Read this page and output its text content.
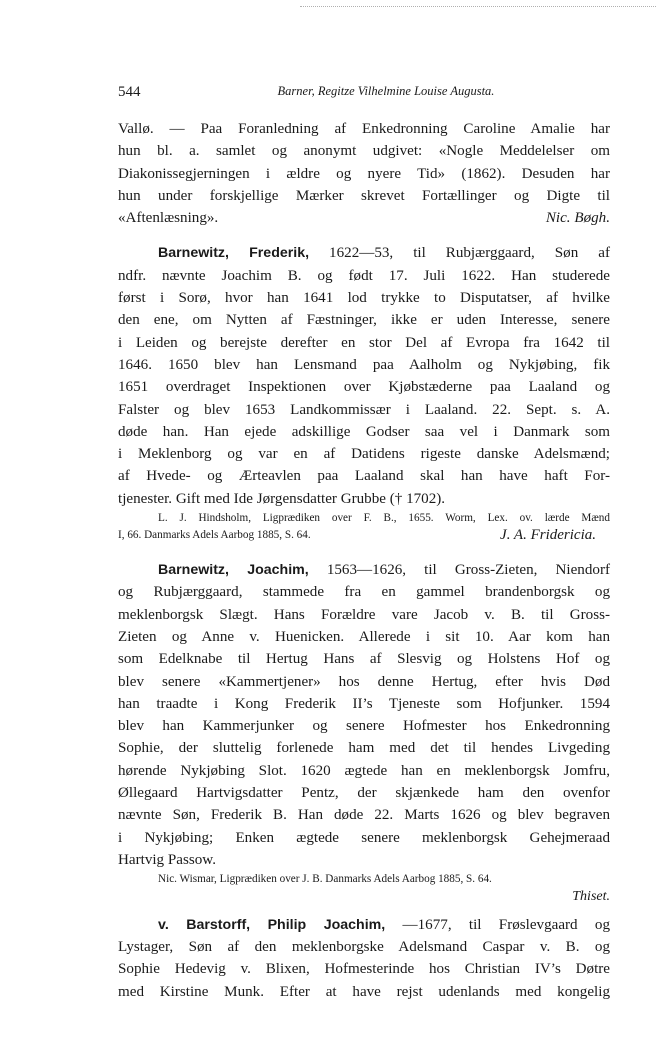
544	Barner, Regitze Vilhelmine Louise Augusta.

Vallø. — Paa Foranledning af Enkedronning Caroline Amalie har
hun bl. a. samlet og anonymt udgivet: «Nogle Meddelelser om
Diakonissegjerningen i ældre og nyere Tid» (1862). Desuden har
hun under forskjellige Mærker skrevet Fortællinger og Digte til
«Aftenlæsning».	Nic. Bøgh.

Barnewitz, Frederik, 1622—53, til Rubjærggaard, Søn af
ndfr. nævnte Joachim B. og født 17. Juli 1622. Han studerede
først i Sorø, hvor han 1641 lod trykke to Disputatser, af hvilke
den ene, om Nytten af Fæstninger, ikke er uden Interesse, senere
i Leiden og berejste derefter en stor Del af Evropa fra 1642 til
1646. 1650 blev han Lensmand paa Aalholm og Nykjøbing, fik
1651 overdraget Inspektionen over Kjøbstæderne paa Laaland og
Falster og blev 1653 Landkommissær i Laaland. 22. Sept. s. A.
døde han. Han ejede adskillige Godser saa vel i Danmark som
i Meklenborg og var en af Datidens rigeste danske Adelsmænd;
af Hvede- og Ærteavlen paa Laaland skal han have haft For-
tjenester. Gift med Ide Jørgensdatter Grubbe († 1702).

L. J. Hindsholm, Ligprædiken over F. B., 1655. Worm, Lex. ov. lærde Mænd
I, 66. Danmarks Adels Aarbog 1885, S. 64.	J. A. Fridericia.

Barnewitz, Joachim, 1563—1626, til Gross-Zieten, Niendorf
og Rubjærggaard, stammede fra en gammel brandenborgsk og
meklenborgsk Slægt. Hans Forældre vare Jacob v. B. til Gross-
Zieten og Anne v. Huenicken. Allerede i sit 10. Aar kom han
som Edelknabe til Hertug Hans af Slesvig og Holstens Hof og
blev senere «Kammertjener» hos denne Hertug, efter hvis Død
han traadte i Kong Frederik II’s Tjeneste som Hofjunker. 1594
blev han Kammerjunker og senere Hofmester hos Enkedronning
Sophie, der sluttelig forlenede ham med det til hendes Livgeding
hørende Nykjøbing Slot. 1620 ægtede han en meklenborgsk Jomfru,
Øllegaard Hartvigsdatter Pentz, der skjænkede ham den ovenfor
nævnte Søn, Frederik B. Han døde 22. Marts 1626 og blev begraven
i Nykjøbing; Enken ægtede senere meklenborgsk Gehejmeraad
Hartvig Passow.

Nic. Wismar, Ligprædiken over J. B. Danmarks Adels Aarbog 1885, S. 64.
Thiset.

v. Barstorff, Philip Joachim, —1677, til Frøslevgaard og
Lystager, Søn af den meklenborgske Adelsmand Caspar v. B. og
Sophie Hedevig v. Blixen, Hofmesterinde hos Christian IV’s Døtre
med Kirstine Munk. Efter at have rejst udenlands med kongelig
